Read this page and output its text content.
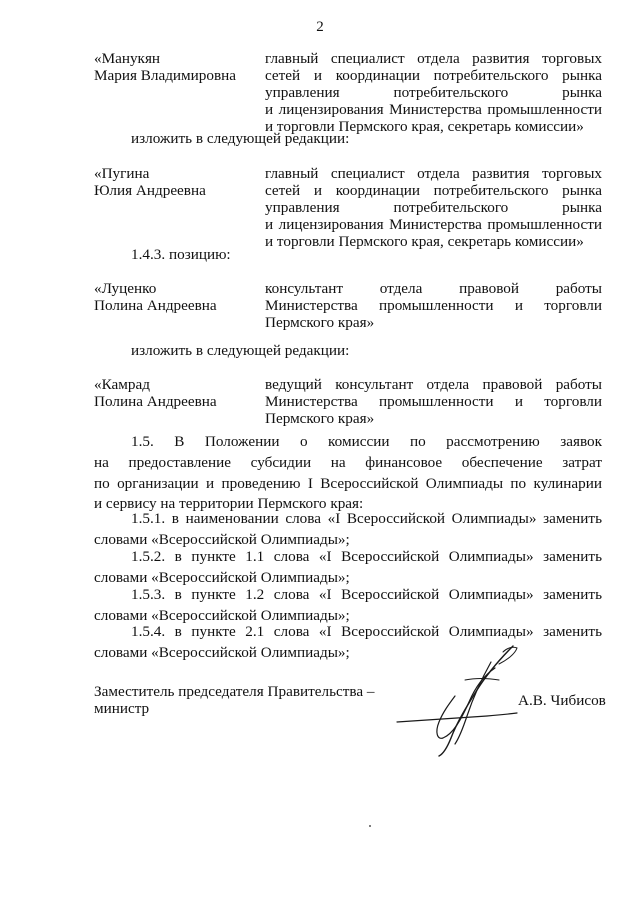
2
«Манукян
Мария Владимировна
главный специалист отдела развития торговых
сетей и координации потребительского рынка
управления потребительского рынка
и лицензирования Министерства промышленности
и торговли Пермского края, секретарь комиссии»
изложить в следующей редакции:
«Пугина
Юлия Андреевна
главный специалист отдела развития торговых
сетей и координации потребительского рынка
управления потребительского рынка
и лицензирования Министерства промышленности
и торговли Пермского края, секретарь комиссии»
1.4.3. позицию:
«Луценко
Полина Андреевна
консультант отдела правовой работы
Министерства промышленности и торговли
Пермского края»
изложить в следующей редакции:
«Камрад
Полина Андреевна
ведущий консультант отдела правовой работы
Министерства промышленности и торговли
Пермского края»
1.5. В Положении о комиссии по рассмотрению заявок
на предоставление субсидии на финансовое обеспечение затрат
по организации и проведению I Всероссийской Олимпиады по кулинарии
и сервису на территории Пермского края:
1.5.1. в наименовании слова «I Всероссийской Олимпиады» заменить
словами «Всероссийской Олимпиады»;
1.5.2. в пункте 1.1 слова «I Всероссийской Олимпиады» заменить
словами «Всероссийской Олимпиады»;
1.5.3. в пункте 1.2 слова «I Всероссийской Олимпиады» заменить
словами «Всероссийской Олимпиады»;
1.5.4. в пункте 2.1 слова «I Всероссийской Олимпиады» заменить
словами «Всероссийской Олимпиады»;
Заместитель председателя Правительства –
министр	А.В. Чибисов
